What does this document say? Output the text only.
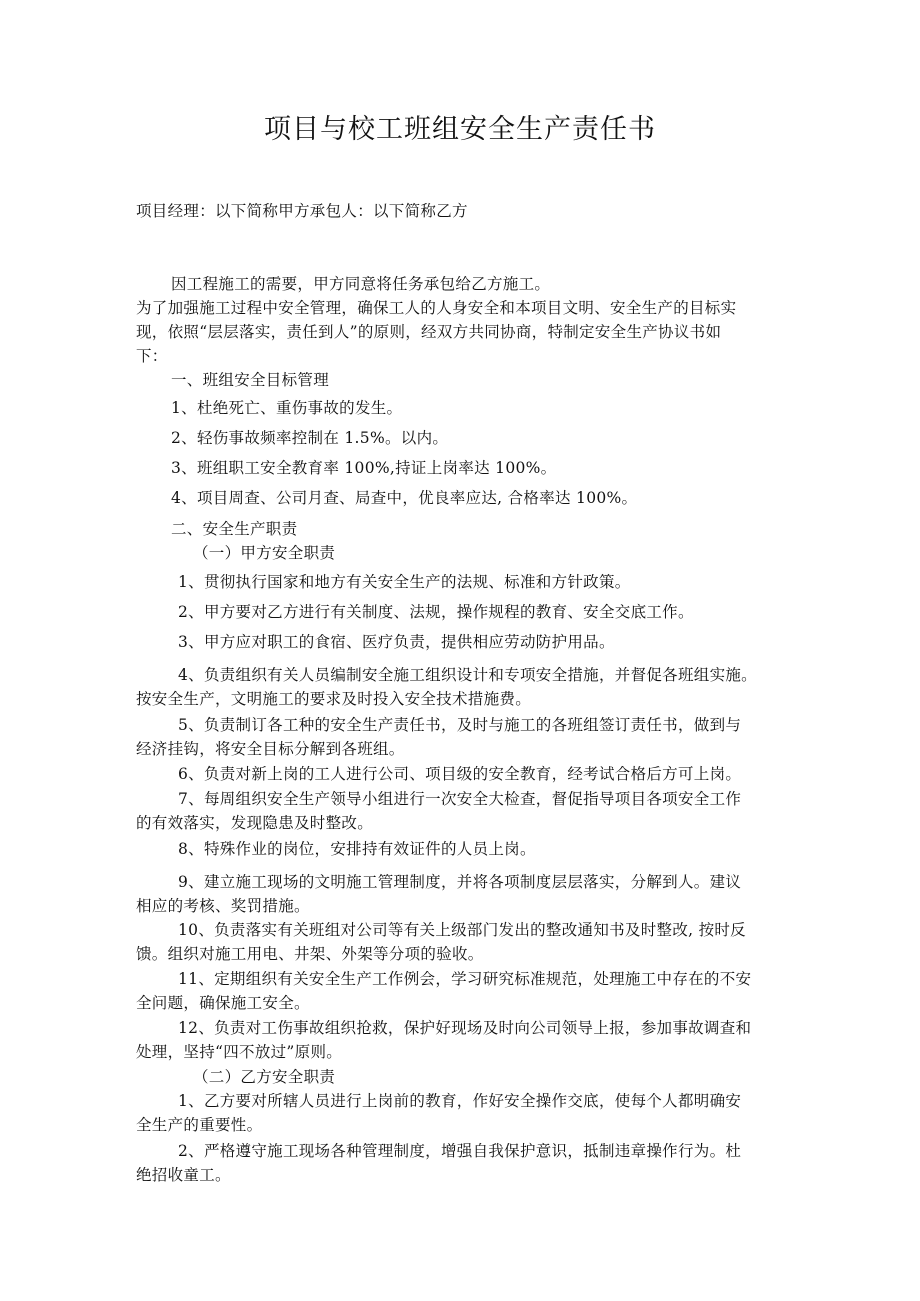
项目与校工班组安全生产责任书
项目经理：以下简称甲方承包人：以下简称乙方
因工程施工的需要，甲方同意将任务承包给乙方施工。
为了加强施工过程中安全管理，确保工人的人身安全和本项目文明、安全生产的目标实
现，依照“层层落实，责任到人”的原则，经双方共同协商，特制定安全生产协议书如
下：
一、班组安全目标管理
1、杜绝死亡、重伤事故的发生。
2、轻伤事故频率控制在 1.5%。以内。
3、班组职工安全教育率 100%,持证上岗率达 100%。
4、项目周查、公司月查、局查中，优良率应达, 合格率达 100%。
二、安全生产职责
（一）甲方安全职责
1、贯彻执行国家和地方有关安全生产的法规、标准和方针政策。
2、甲方要对乙方进行有关制度、法规，操作规程的教育、安全交底工作。
3、甲方应对职工的食宿、医疗负责，提供相应劳动防护用品。
4、负责组织有关人员编制安全施工组织设计和专项安全措施，并督促各班组实施。
按安全生产，文明施工的要求及时投入安全技术措施费。
5、负责制订各工种的安全生产责任书，及时与施工的各班组签订责任书，做到与
经济挂钩，将安全目标分解到各班组。
6、负责对新上岗的工人进行公司、项目级的安全教育，经考试合格后方可上岗。
7、每周组织安全生产领导小组进行一次安全大检查，督促指导项目各项安全工作
的有效落实，发现隐患及时整改。
8、特殊作业的岗位，安排持有效证件的人员上岗。
9、建立施工现场的文明施工管理制度，并将各项制度层层落实，分解到人。建议
相应的考核、奖罚措施。
10、负责落实有关班组对公司等有关上级部门发出的整改通知书及时整改, 按时反
馈。组织对施工用电、井架、外架等分项的验收。
11、定期组织有关安全生产工作例会，学习研究标准规范，处理施工中存在的不安
全问题，确保施工安全。
12、负责对工伤事故组织抢救，保护好现场及时向公司领导上报，参加事故调查和
处理，坚持“四不放过”原则。
（二）乙方安全职责
1、乙方要对所辖人员进行上岗前的教育，作好安全操作交底，使每个人都明确安
全生产的重要性。
2、严格遵守施工现场各种管理制度，增强自我保护意识，抵制违章操作行为。杜
绝招收童工。
